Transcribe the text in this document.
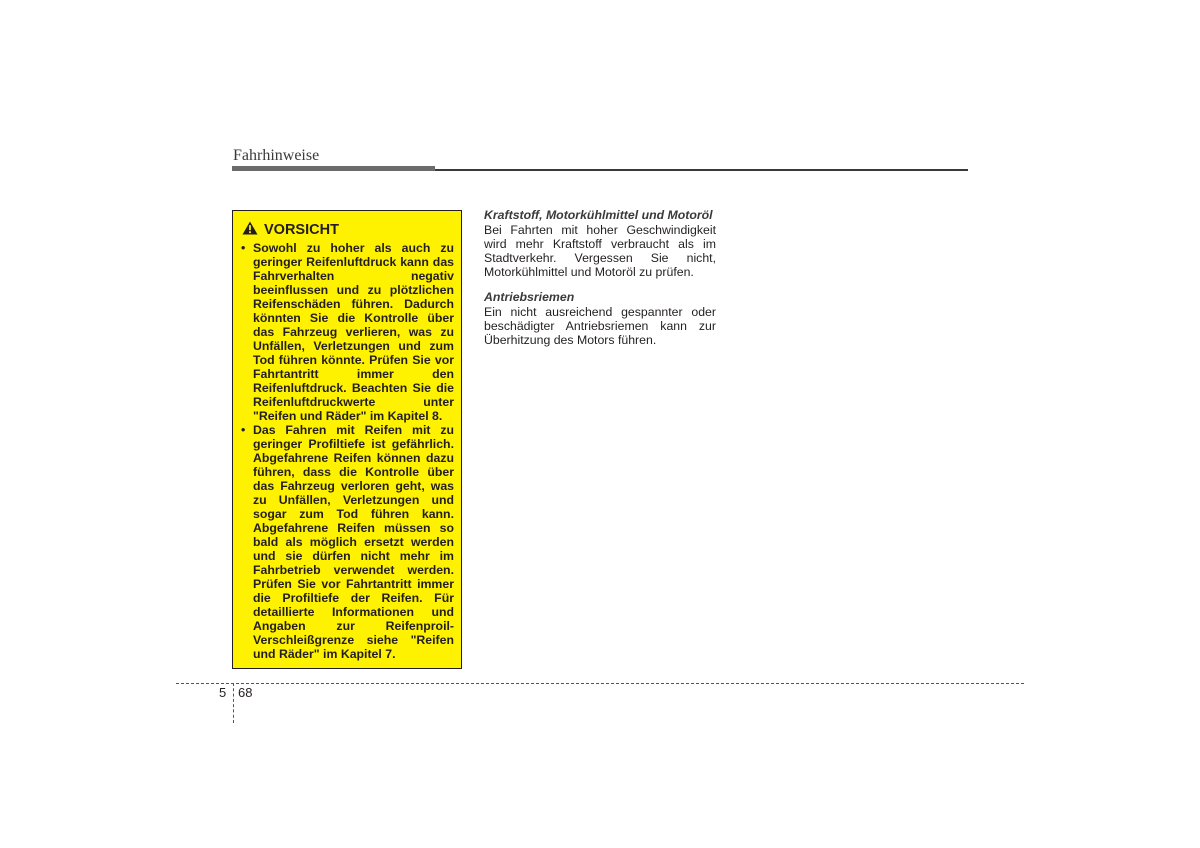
Fahrhinweise
VORSICHT
• Sowohl zu hoher als auch zu geringer Reifenluftdruck kann das Fahrverhalten negativ beeinflussen und zu plötzlichen Reifenschäden führen. Dadurch könnten Sie die Kontrolle über das Fahrzeug verlieren, was zu Unfällen, Verletzungen und zum Tod führen könnte. Prüfen Sie vor Fahrtantritt immer den Reifenluftdruck. Beachten Sie die Reifenluftdruckwerte unter "Reifen und Räder" im Kapitel 8.
• Das Fahren mit Reifen mit zu geringer Profiltiefe ist gefährlich. Abgefahrene Reifen können dazu führen, dass die Kontrolle über das Fahrzeug verloren geht, was zu Unfällen, Verletzungen und sogar zum Tod führen kann. Abgefahrene Reifen müssen so bald als möglich ersetzt werden und sie dürfen nicht mehr im Fahrbetrieb verwendet werden. Prüfen Sie vor Fahrtantritt immer die Profiltiefe der Reifen. Für detaillierte Informationen und Angaben zur Reifenproil-Verschleißgrenze siehe "Reifen und Räder" im Kapitel 7.
Kraftstoff, Motorkühlmittel und Motoröl
Bei Fahrten mit hoher Geschwindigkeit wird mehr Kraftstoff verbraucht als im Stadtverkehr. Vergessen Sie nicht, Motorkühlmittel und Motoröl zu prüfen.
Antriebsriemen
Ein nicht ausreichend gespannter oder beschädigter Antriebsriemen kann zur Überhitzung des Motors führen.
5 68
